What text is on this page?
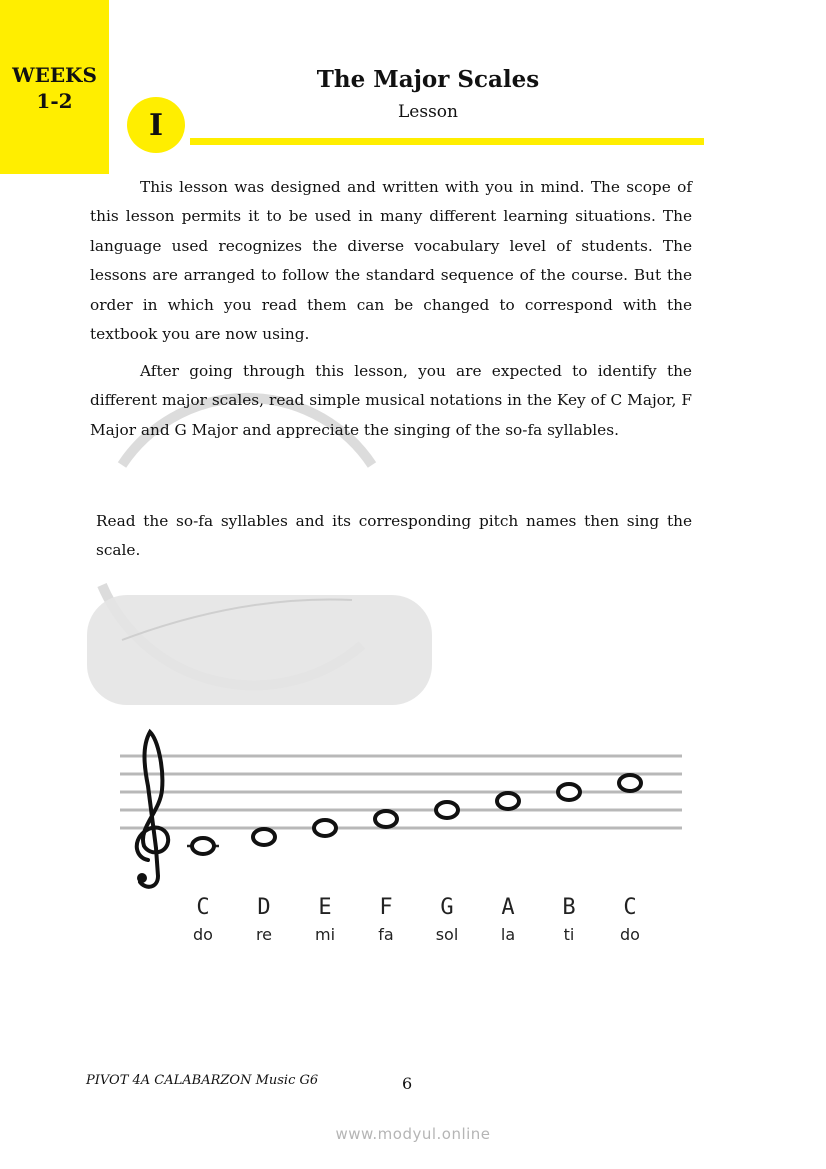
WEEKS
1-2
The Major Scales
Lesson
I

This lesson was designed and written with you in mind. The scope of this lesson permits it to be used in many different learning situations. The language used recognizes the diverse vocabulary level of students. The lessons are arranged to follow the standard sequence of the course. But the order in which you read them can be changed to correspond with the textbook you are now using.

After going through this lesson, you are expected to identify the different major scales, read simple musical notations in the Key of C Major, F Major and G Major and appreciate the singing of the so-fa syllables.

Read the so-fa syllables and its corresponding pitch names then sing the scale.

C D E F G A B C
do	re	mi	fa	sol	la	ti	do
PIVOT 4A CALABARZON Music G6	6
www.modyul.online
